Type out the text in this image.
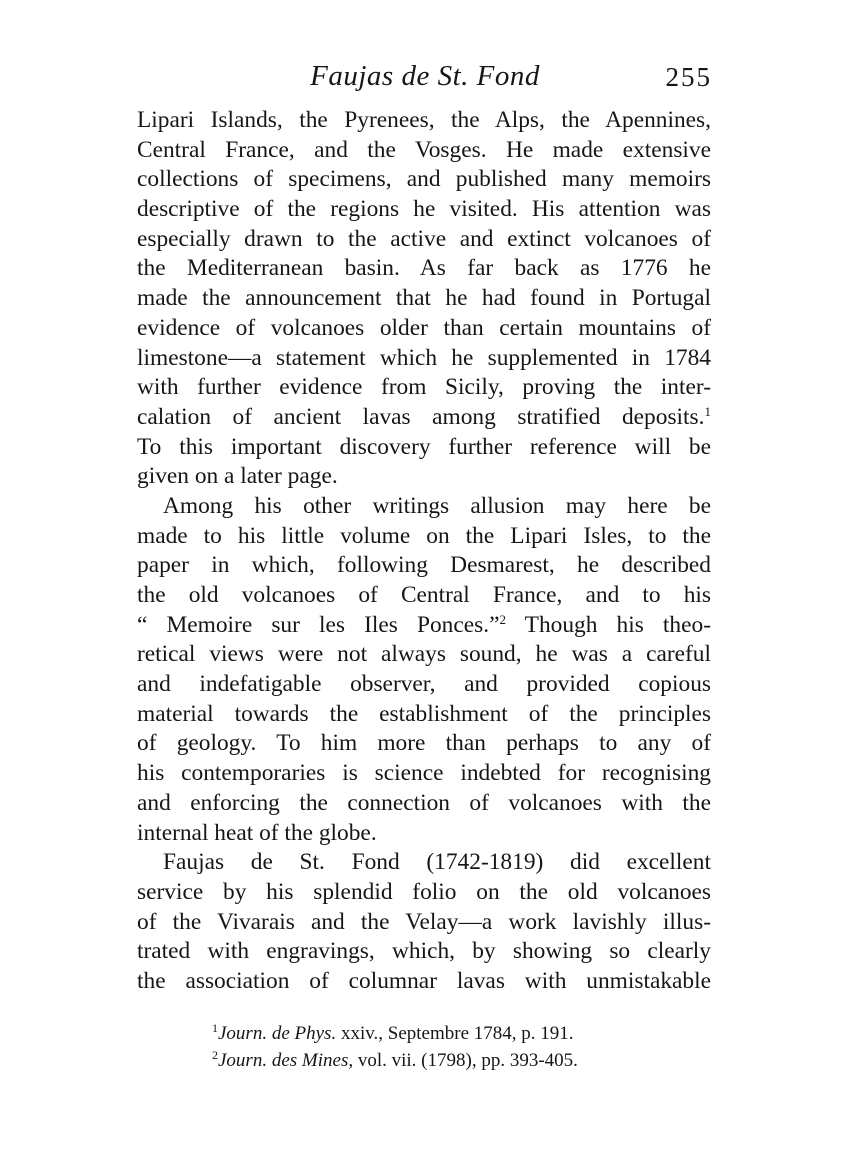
Faujas de St. Fond	255
Lipari Islands, the Pyrenees, the Alps, the Apennines,
Central France, and the Vosges. He made extensive
collections of specimens, and published many memoirs
descriptive of the regions he visited. His attention was
especially drawn to the active and extinct volcanoes of
the Mediterranean basin. As far back as 1776 he
made the announcement that he had found in Portugal
evidence of volcanoes older than certain mountains of
limestone—a statement which he supplemented in 1784
with further evidence from Sicily, proving the inter-
calation of ancient lavas among stratified deposits.$^1$
To this important discovery further reference will be
given on a later page.
Among his other writings allusion may here be
made to his little volume on the Lipari Isles, to the
paper in which, following Desmarest, he described
the old volcanoes of Central France, and to his
“ Memoire sur les Iles Ponces.”$^2$ Though his theo-
retical views were not always sound, he was a careful
and indefatigable observer, and provided copious
material towards the establishment of the principles
of geology. To him more than perhaps to any of
his contemporaries is science indebted for recognising
and enforcing the connection of volcanoes with the
internal heat of the globe.
Faujas de St. Fond (1742-1819) did excellent
service by his splendid folio on the old volcanoes
of the Vivarais and the Velay—a work lavishly illus-
trated with engravings, which, by showing so clearly
the association of columnar lavas with unmistakable
$^1$Journ. de Phys. xxiv., Septembre 1784, p. 191.
$^2$Journ. des Mines, vol. vii. (1798), pp. 393-405.
